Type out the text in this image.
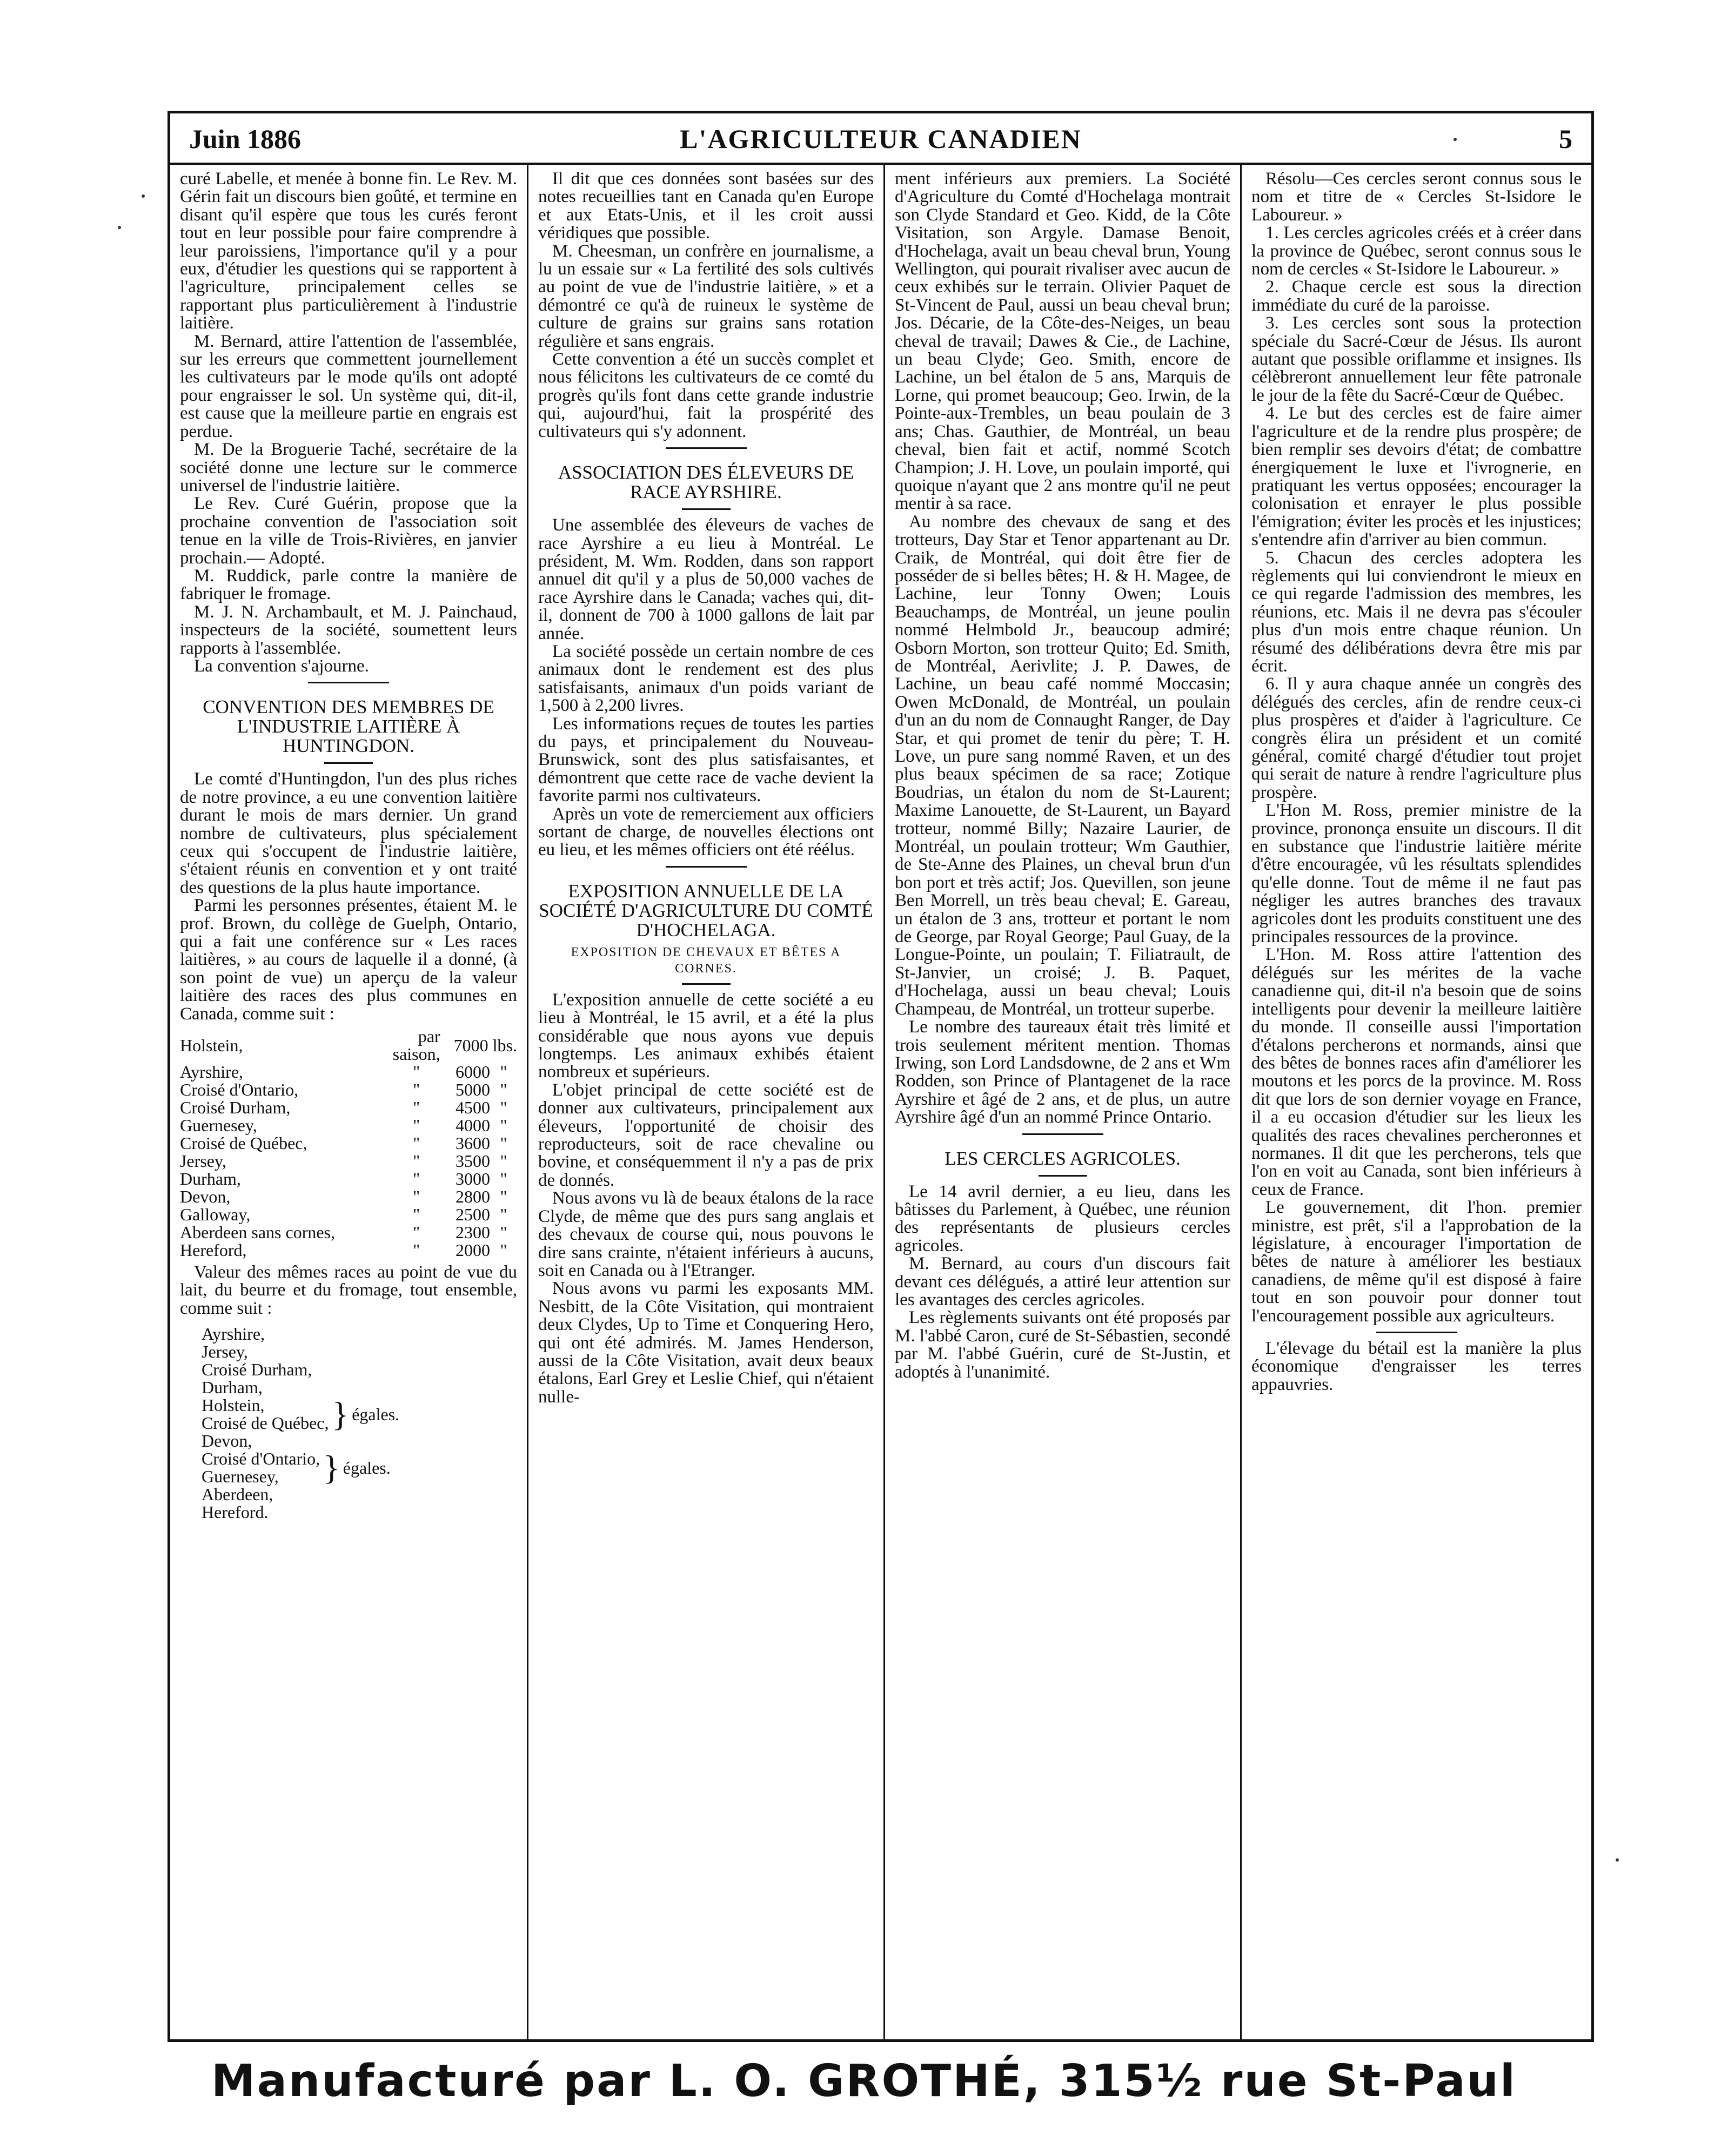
Juin 1886	L'AGRICULTEUR CANADIEN	5

curé Labelle, et menée à bonne fin. Le Rev. M. Gérin fait un discours bien goûté, et termine en disant qu'il espère que tous les curés feront tout en leur possible pour faire comprendre à leur paroissiens, l'importance qu'il y a pour eux, d'étudier les questions qui se rapportent à l'agriculture, principalement celles se rapportant plus particulièrement à l'industrie laitière.

M. Bernard, attire l'attention de l'assemblée, sur les erreurs que commettent journellement les cultivateurs par le mode qu'ils ont adopté pour engraisser le sol. Un système qui, dit-il, est cause que la meilleure partie en engrais est perdue.

M. De la Broguerie Taché, secrétaire de la société donne une lecture sur le commerce universel de l'industrie laitière.

Le Rev. Curé Guérin, propose que la prochaine convention de l'association soit tenue en la ville de Trois-Rivières, en janvier prochain.— Adopté.

M. Ruddick, parle contre la manière de fabriquer le fromage.

M. J. N. Archambault, et M. J. Painchaud, inspecteurs de la société, soumettent leurs rapports à l'assemblée.

La convention s'ajourne.

CONVENTION DES MEMBRES DE L'INDUSTRIE LAITIÈRE À HUNTINGDON.

Le comté d'Huntingdon, l'un des plus riches de notre province, a eu une convention laitière durant le mois de mars dernier. Un grand nombre de cultivateurs, plus spécialement ceux qui s'occupent de l'industrie laitière, s'étaient réunis en convention et y ont traité des questions de la plus haute importance.

Parmi les personnes présentes, étaient M. le prof. Brown, du collège de Guelph, Ontario, qui a fait une conférence sur « Les races laitières, » au cours de laquelle il a donné, (à son point de vue) un aperçu de la valeur laitière des races des plus communes en Canada, comme suit :

Holstein,	par saison,	7000 lbs.	
Ayrshire,	"	6000	"
Croisé d'Ontario,	"	5000	"
Croisé Durham,	"	4500	"
Guernesey,	"	4000	"
Croisé de Québec,	"	3600	"
Jersey,	"	3500	"
Durham,	"	3000	"
Devon,	"	2800	"
Galloway,	"	2500	"
Aberdeen sans cornes,	"	2300	"
Hereford,	"	2000	"

Valeur des mêmes races au point de vue du lait, du beurre et du fromage, tout ensemble, comme suit :

Ayrshire,
Jersey,
Croisé Durham,
Durham,
Holstein,
Croisé de Québec, } égales.
Devon,
Croisé d'Ontario,
Guernesey,	} égales.
Aberdeen,
Hereford.

Il dit que ces données sont basées sur des notes recueillies tant en Canada qu'en Europe et aux Etats-Unis, et il les croit aussi véridiques que possible.

M. Cheesman, un confrère en journalisme, a lu un essaie sur « La fertilité des sols cultivés au point de vue de l'industrie laitière, » et a démontré ce qu'à de ruineux le système de culture de grains sur grains sans rotation régulière et sans engrais.

Cette convention a été un succès complet et nous félicitons les cultivateurs de ce comté du progrès qu'ils font dans cette grande industrie qui, aujourd'hui, fait la prospérité des cultivateurs qui s'y adonnent.

ASSOCIATION DES ÉLEVEURS DE RACE AYRSHIRE.

Une assemblée des éleveurs de vaches de race Ayrshire a eu lieu à Montréal. Le président, M. Wm. Rodden, dans son rapport annuel dit qu'il y a plus de 50,000 vaches de race Ayrshire dans le Canada; vaches qui, dit-il, donnent de 700 à 1000 gallons de lait par année.

La société possède un certain nombre de ces animaux dont le rendement est des plus satisfaisants, animaux d'un poids variant de 1,500 à 2,200 livres.

Les informations reçues de toutes les parties du pays, et principalement du Nouveau-Brunswick, sont des plus satisfaisantes, et démontrent que cette race de vache devient la favorite parmi nos cultivateurs.

Après un vote de remerciement aux officiers sortant de charge, de nouvelles élections ont eu lieu, et les mêmes officiers ont été réélus.

EXPOSITION ANNUELLE DE LA SOCIÉTÉ D'AGRICULTURE DU COMTÉ D'HOCHELAGA.
EXPOSITION DE CHEVAUX ET BÊTES A CORNES.

L'exposition annuelle de cette société a eu lieu à Montréal, le 15 avril, et a été la plus considérable que nous ayons vue depuis longtemps. Les animaux exhibés étaient nombreux et supérieurs.

L'objet principal de cette société est de donner aux cultivateurs, principalement aux éleveurs, l'opportunité de choisir des reproducteurs, soit de race chevaline ou bovine, et conséquemment il n'y a pas de prix de donnés.

Nous avons vu là de beaux étalons de la race Clyde, de même que des purs sang anglais et des chevaux de course qui, nous pouvons le dire sans crainte, n'étaient inférieurs à aucuns, soit en Canada ou à l'Etranger.

Nous avons vu parmi les exposants MM. Nesbitt, de la Côte Visitation, qui montraient deux Clydes, Up to Time et Conquering Hero, qui ont été admirés. M. James Henderson, aussi de la Côte Visitation, avait deux beaux étalons, Earl Grey et Leslie Chief, qui n'étaient nulle-

ment inférieurs aux premiers. La Société d'Agriculture du Comté d'Hochelaga montrait son Clyde Standard et Geo. Kidd, de la Côte Visitation, son Argyle. Damase Benoit, d'Hochelaga, avait un beau cheval brun, Young Wellington, qui pourait rivaliser avec aucun de ceux exhibés sur le terrain. Olivier Paquet de St-Vincent de Paul, aussi un beau cheval brun; Jos. Décarie, de la Côte-des-Neiges, un beau cheval de travail; Dawes & Cie., de Lachine, un beau Clyde; Geo. Smith, encore de Lachine, un bel étalon de 5 ans, Marquis de Lorne, qui promet beaucoup; Geo. Irwin, de la Pointe-aux-Trembles, un beau poulain de 3 ans; Chas. Gauthier, de Montréal, un beau cheval, bien fait et actif, nommé Scotch Champion; J. H. Love, un poulain importé, qui quoique n'ayant que 2 ans montre qu'il ne peut mentir à sa race.

Au nombre des chevaux de sang et des trotteurs, Day Star et Tenor appartenant au Dr. Craik, de Montréal, qui doit être fier de posséder de si belles bêtes; H. & H. Magee, de Lachine, leur Tonny Owen; Louis Beauchamps, de Montréal, un jeune poulin nommé Helmbold Jr., beaucoup admiré; Osborn Morton, son trotteur Quito; Ed. Smith, de Montréal, Aerivlite; J. P. Dawes, de Lachine, un beau café nommé Moccasin; Owen McDonald, de Montréal, un poulain d'un an du nom de Connaught Ranger, de Day Star, et qui promet de tenir du père; T. H. Love, un pure sang nommé Raven, et un des plus beaux spécimen de sa race; Zotique Boudrias, un étalon du nom de St-Laurent; Maxime Lanouette, de St-Laurent, un Bayard trotteur, nommé Billy; Nazaire Laurier, de Montréal, un poulain trotteur; Wm Gauthier, de Ste-Anne des Plaines, un cheval brun d'un bon port et très actif; Jos. Quevillen, son jeune Ben Morrell, un très beau cheval; E. Gareau, un étalon de 3 ans, trotteur et portant le nom de George, par Royal George; Paul Guay, de la Longue-Pointe, un poulain; T. Filiatrault, de St-Janvier, un croisé; J. B. Paquet, d'Hochelaga, aussi un beau cheval; Louis Champeau, de Montréal, un trotteur superbe.

Le nombre des taureaux était très limité et trois seulement méritent mention. Thomas Irwing, son Lord Landsdowne, de 2 ans et Wm Rodden, son Prince of Plantagenet de la race Ayrshire et âgé de 2 ans, et de plus, un autre Ayrshire âgé d'un an nommé Prince Ontario.

LES CERCLES AGRICOLES.

Le 14 avril dernier, a eu lieu, dans les bâtisses du Parlement, à Québec, une réunion des représentants de plusieurs cercles agricoles.

M. Bernard, au cours d'un discours fait devant ces délégués, a attiré leur attention sur les avantages des cercles agricoles.

Les règlements suivants ont été proposés par M. l'abbé Caron, curé de St-Sébastien, secondé par M. l'abbé Guérin, curé de St-Justin, et adoptés à l'unanimité.

Résolu—Ces cercles seront connus sous le nom et titre de « Cercles St-Isidore le Laboureur. »

1. Les cercles agricoles créés et à créer dans la province de Québec, seront connus sous le nom de cercles « St-Isidore le Laboureur. »

2. Chaque cercle est sous la direction immédiate du curé de la paroisse.

3. Les cercles sont sous la protection spéciale du Sacré-Cœur de Jésus. Ils auront autant que possible oriflamme et insignes. Ils célèbreront annuellement leur fête patronale le jour de la fête du Sacré-Cœur de Québec.

4. Le but des cercles est de faire aimer l'agriculture et de la rendre plus prospère; de bien remplir ses devoirs d'état; de combattre énergiquement le luxe et l'ivrognerie, en pratiquant les vertus opposées; encourager la colonisation et enrayer le plus possible l'émigration; éviter les procès et les injustices; s'entendre afin d'arriver au bien commun.

5. Chacun des cercles adoptera les règlements qui lui conviendront le mieux en ce qui regarde l'admission des membres, les réunions, etc. Mais il ne devra pas s'écouler plus d'un mois entre chaque réunion. Un résumé des délibérations devra être mis par écrit.

6. Il y aura chaque année un congrès des délégués des cercles, afin de rendre ceux-ci plus prospères et d'aider à l'agriculture. Ce congrès élira un président et un comité général, comité chargé d'étudier tout projet qui serait de nature à rendre l'agriculture plus prospère.

L'Hon M. Ross, premier ministre de la province, prononça ensuite un discours. Il dit en substance que l'industrie laitière mérite d'être encouragée, vû les résultats splendides qu'elle donne. Tout de même il ne faut pas négliger les autres branches des travaux agricoles dont les produits constituent une des principales ressources de la province.

L'Hon. M. Ross attire l'attention des délégués sur les mérites de la vache canadienne qui, dit-il n'a besoin que de soins intelligents pour devenir la meilleure laitière du monde. Il conseille aussi l'importation d'étalons percherons et normands, ainsi que des bêtes de bonnes races afin d'améliorer les moutons et les porcs de la province. M. Ross dit que lors de son dernier voyage en France, il a eu occasion d'étudier sur les lieux les qualités des races chevalines percheronnes et normanes. Il dit que les percherons, tels que l'on en voit au Canada, sont bien inférieurs à ceux de France.

Le gouvernement, dit l'hon. premier ministre, est prêt, s'il a l'approbation de la législature, à encourager l'importation de bêtes de nature à améliorer les bestiaux canadiens, de même qu'il est disposé à faire tout en son pouvoir pour donner tout l'encouragement possible aux agriculteurs.

L'élevage du bétail est la manière la plus économique d'engraisser les terres appauvries.

Manufacturé par L. O. GROTHÉ, 315½ rue St-Paul
